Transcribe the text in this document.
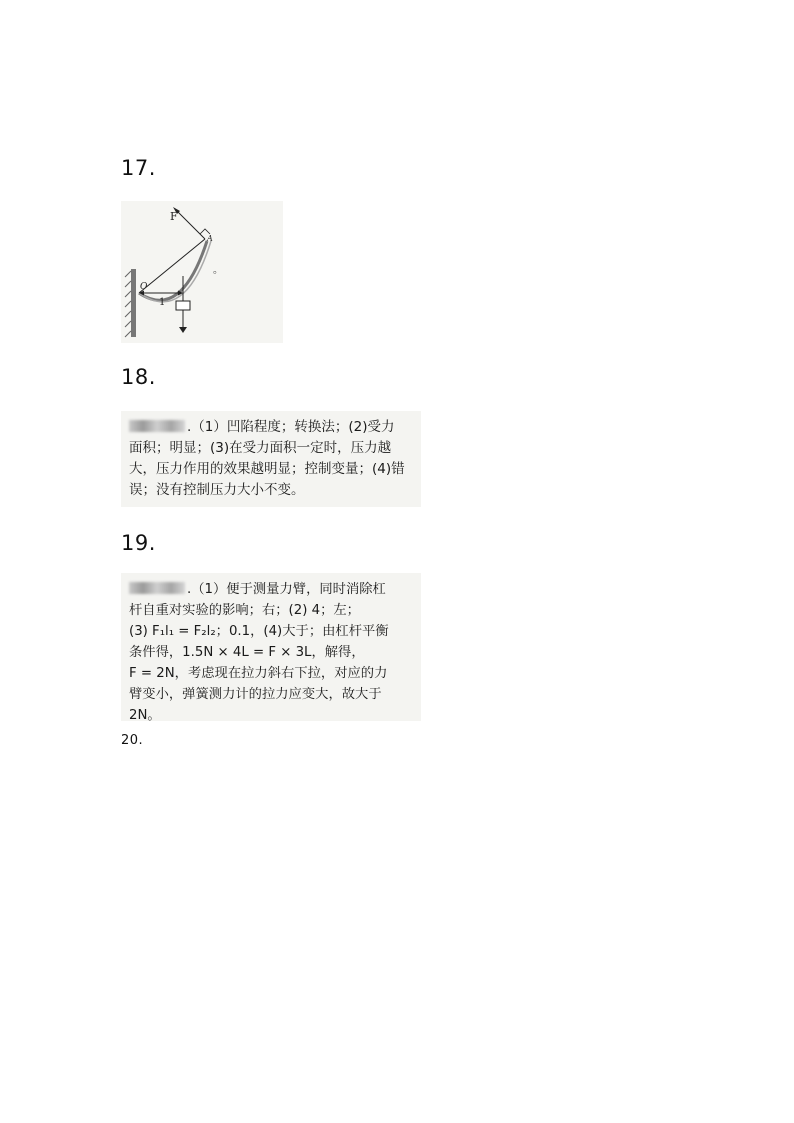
17.
F
A
O
1
。
18.
.（1）凹陷程度；转换法；(2)受力
面积；明显；(3)在受力面积一定时，压力越
大，压力作用的效果越明显；控制变量；(4)错
误；没有控制压力大小不变。
19.
.（1）便于测量力臂，同时消除杠
杆自重对实验的影响；右；(2) 4；左；
(3) F₁l₁ = F₂l₂；0.1，(4)大于；由杠杆平衡
条件得，1.5N × 4L = F × 3L，解得，
F = 2N，考虑现在拉力斜右下拉，对应的力
臂变小，弹簧测力计的拉力应变大，故大于
2N。
20.
